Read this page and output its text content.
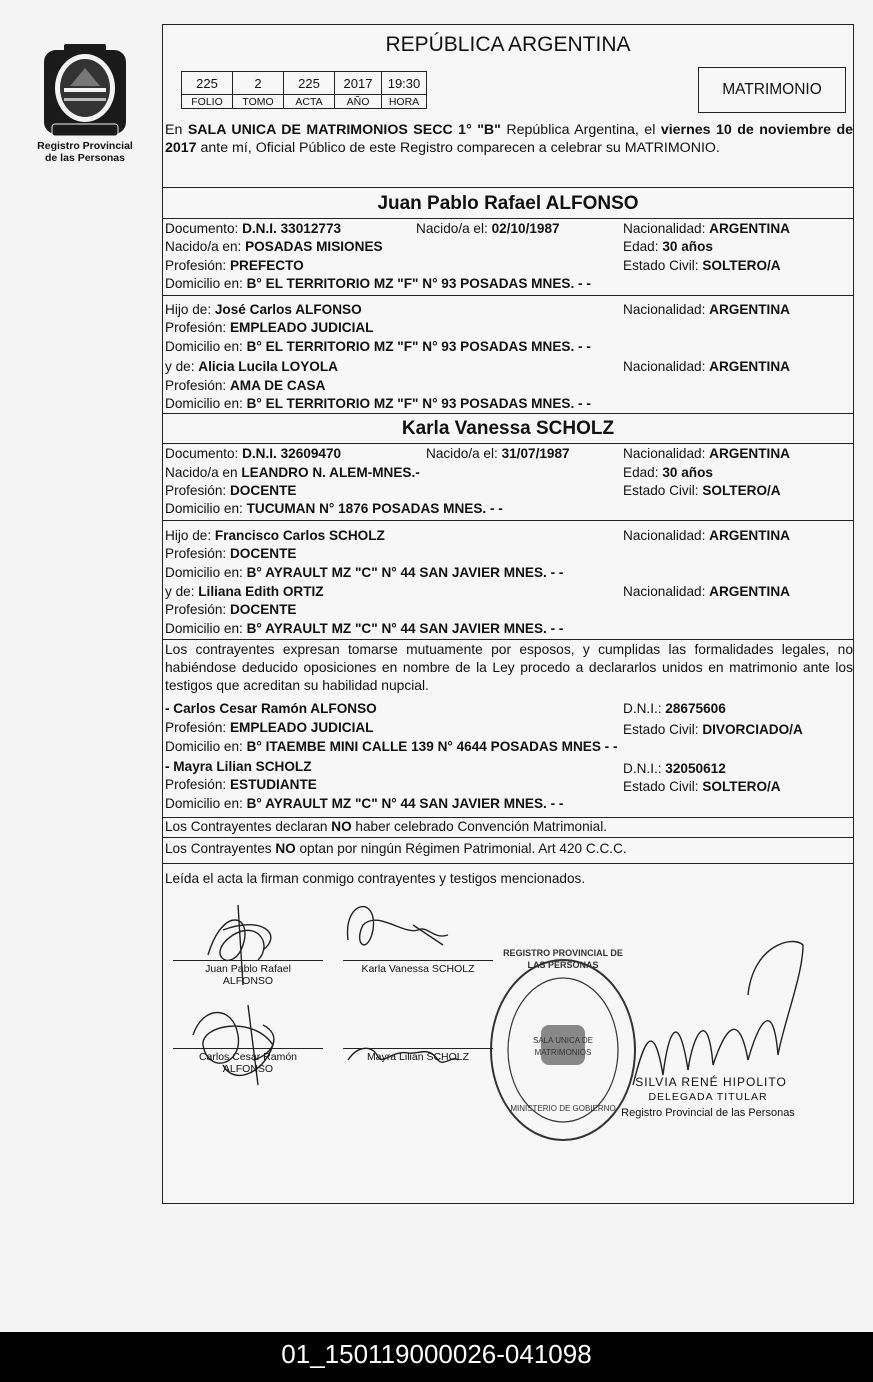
Registro Provincial
de las Personas
REPÚBLICA ARGENTINA
225	2	225	2017	19:30
FOLIO	TOMO	ACTA	AÑO	HORA
MATRIMONIO
En SALA UNICA DE MATRIMONIOS SECC 1° "B" República Argentina, el viernes 10 de noviembre de 2017 ante mí, Oficial Público de este Registro comparecen a celebrar su MATRIMONIO.
Juan Pablo Rafael ALFONSO
Documento: D.N.I. 33012773	Nacido/a el: 02/10/1987	Nacionalidad: ARGENTINA
Nacido/a en: POSADAS MISIONES	Edad: 30 años
Profesión: PREFECTO	Estado Civil: SOLTERO/A
Domicilio en: B° EL TERRITORIO MZ "F" N° 93 POSADAS MNES. - -
Hijo de: José Carlos ALFONSO	Nacionalidad: ARGENTINA
Profesión: EMPLEADO JUDICIAL
Domicilio en: B° EL TERRITORIO MZ "F" N° 93 POSADAS MNES. - -
y de: Alicia Lucila LOYOLA	Nacionalidad: ARGENTINA
Profesión: AMA DE CASA
Domicilio en: B° EL TERRITORIO MZ "F" N° 93 POSADAS MNES. - -
Karla Vanessa SCHOLZ
Documento: D.N.I. 32609470	Nacido/a el: 31/07/1987	Nacionalidad: ARGENTINA
Nacido/a en LEANDRO N. ALEM-MNES.-	Edad: 30 años
Profesión: DOCENTE	Estado Civil: SOLTERO/A
Domicilio en: TUCUMAN N° 1876 POSADAS MNES. - -
Hijo de: Francisco Carlos SCHOLZ	Nacionalidad: ARGENTINA
Profesión: DOCENTE
Domicilio en: B° AYRAULT MZ "C" N° 44 SAN JAVIER MNES. - -
y de: Liliana Edith ORTIZ	Nacionalidad: ARGENTINA
Profesión: DOCENTE
Domicilio en: B° AYRAULT MZ "C" N° 44 SAN JAVIER MNES. - -
Los contrayentes expresan tomarse mutuamente por esposos, y cumplidas las formalidades legales, no habiéndose deducido oposiciones en nombre de la Ley procedo a declararlos unidos en matrimonio ante los testigos que acreditan su habilidad nupcial.
- Carlos Cesar Ramón ALFONSO	D.N.I.: 28675606
Profesión: EMPLEADO JUDICIAL	Estado Civil: DIVORCIADO/A
Domicilio en: B° ITAEMBE MINI CALLE 139 N° 4644 POSADAS MNES - -
- Mayra Lilian SCHOLZ	D.N.I.: 32050612
Profesión: ESTUDIANTE	Estado Civil: SOLTERO/A
Domicilio en: B° AYRAULT MZ "C" N° 44 SAN JAVIER MNES. - -
Los Contrayentes declaran NO haber celebrado Convención Matrimonial.
Los Contrayentes NO optan por ningún Régimen Patrimonial. Art 420 C.C.C.
Leída el acta la firman conmigo contrayentes y testigos mencionados.
Juan Pablo Rafael
ALFONSO
Karla Vanessa SCHOLZ
Carlos Cesar Ramón
ALFONSO
Mayra Lilian SCHOLZ
REGISTRO PROVINCIAL DE LAS PERSONAS
SALA UNICA DE MATRIMONIOS
MINISTERIO DE GOBIERNO
SILVIA RENÉ HIPOLITO
DELEGADA TITULAR
Registro Provincial de las Personas
01_150119000026-041098
